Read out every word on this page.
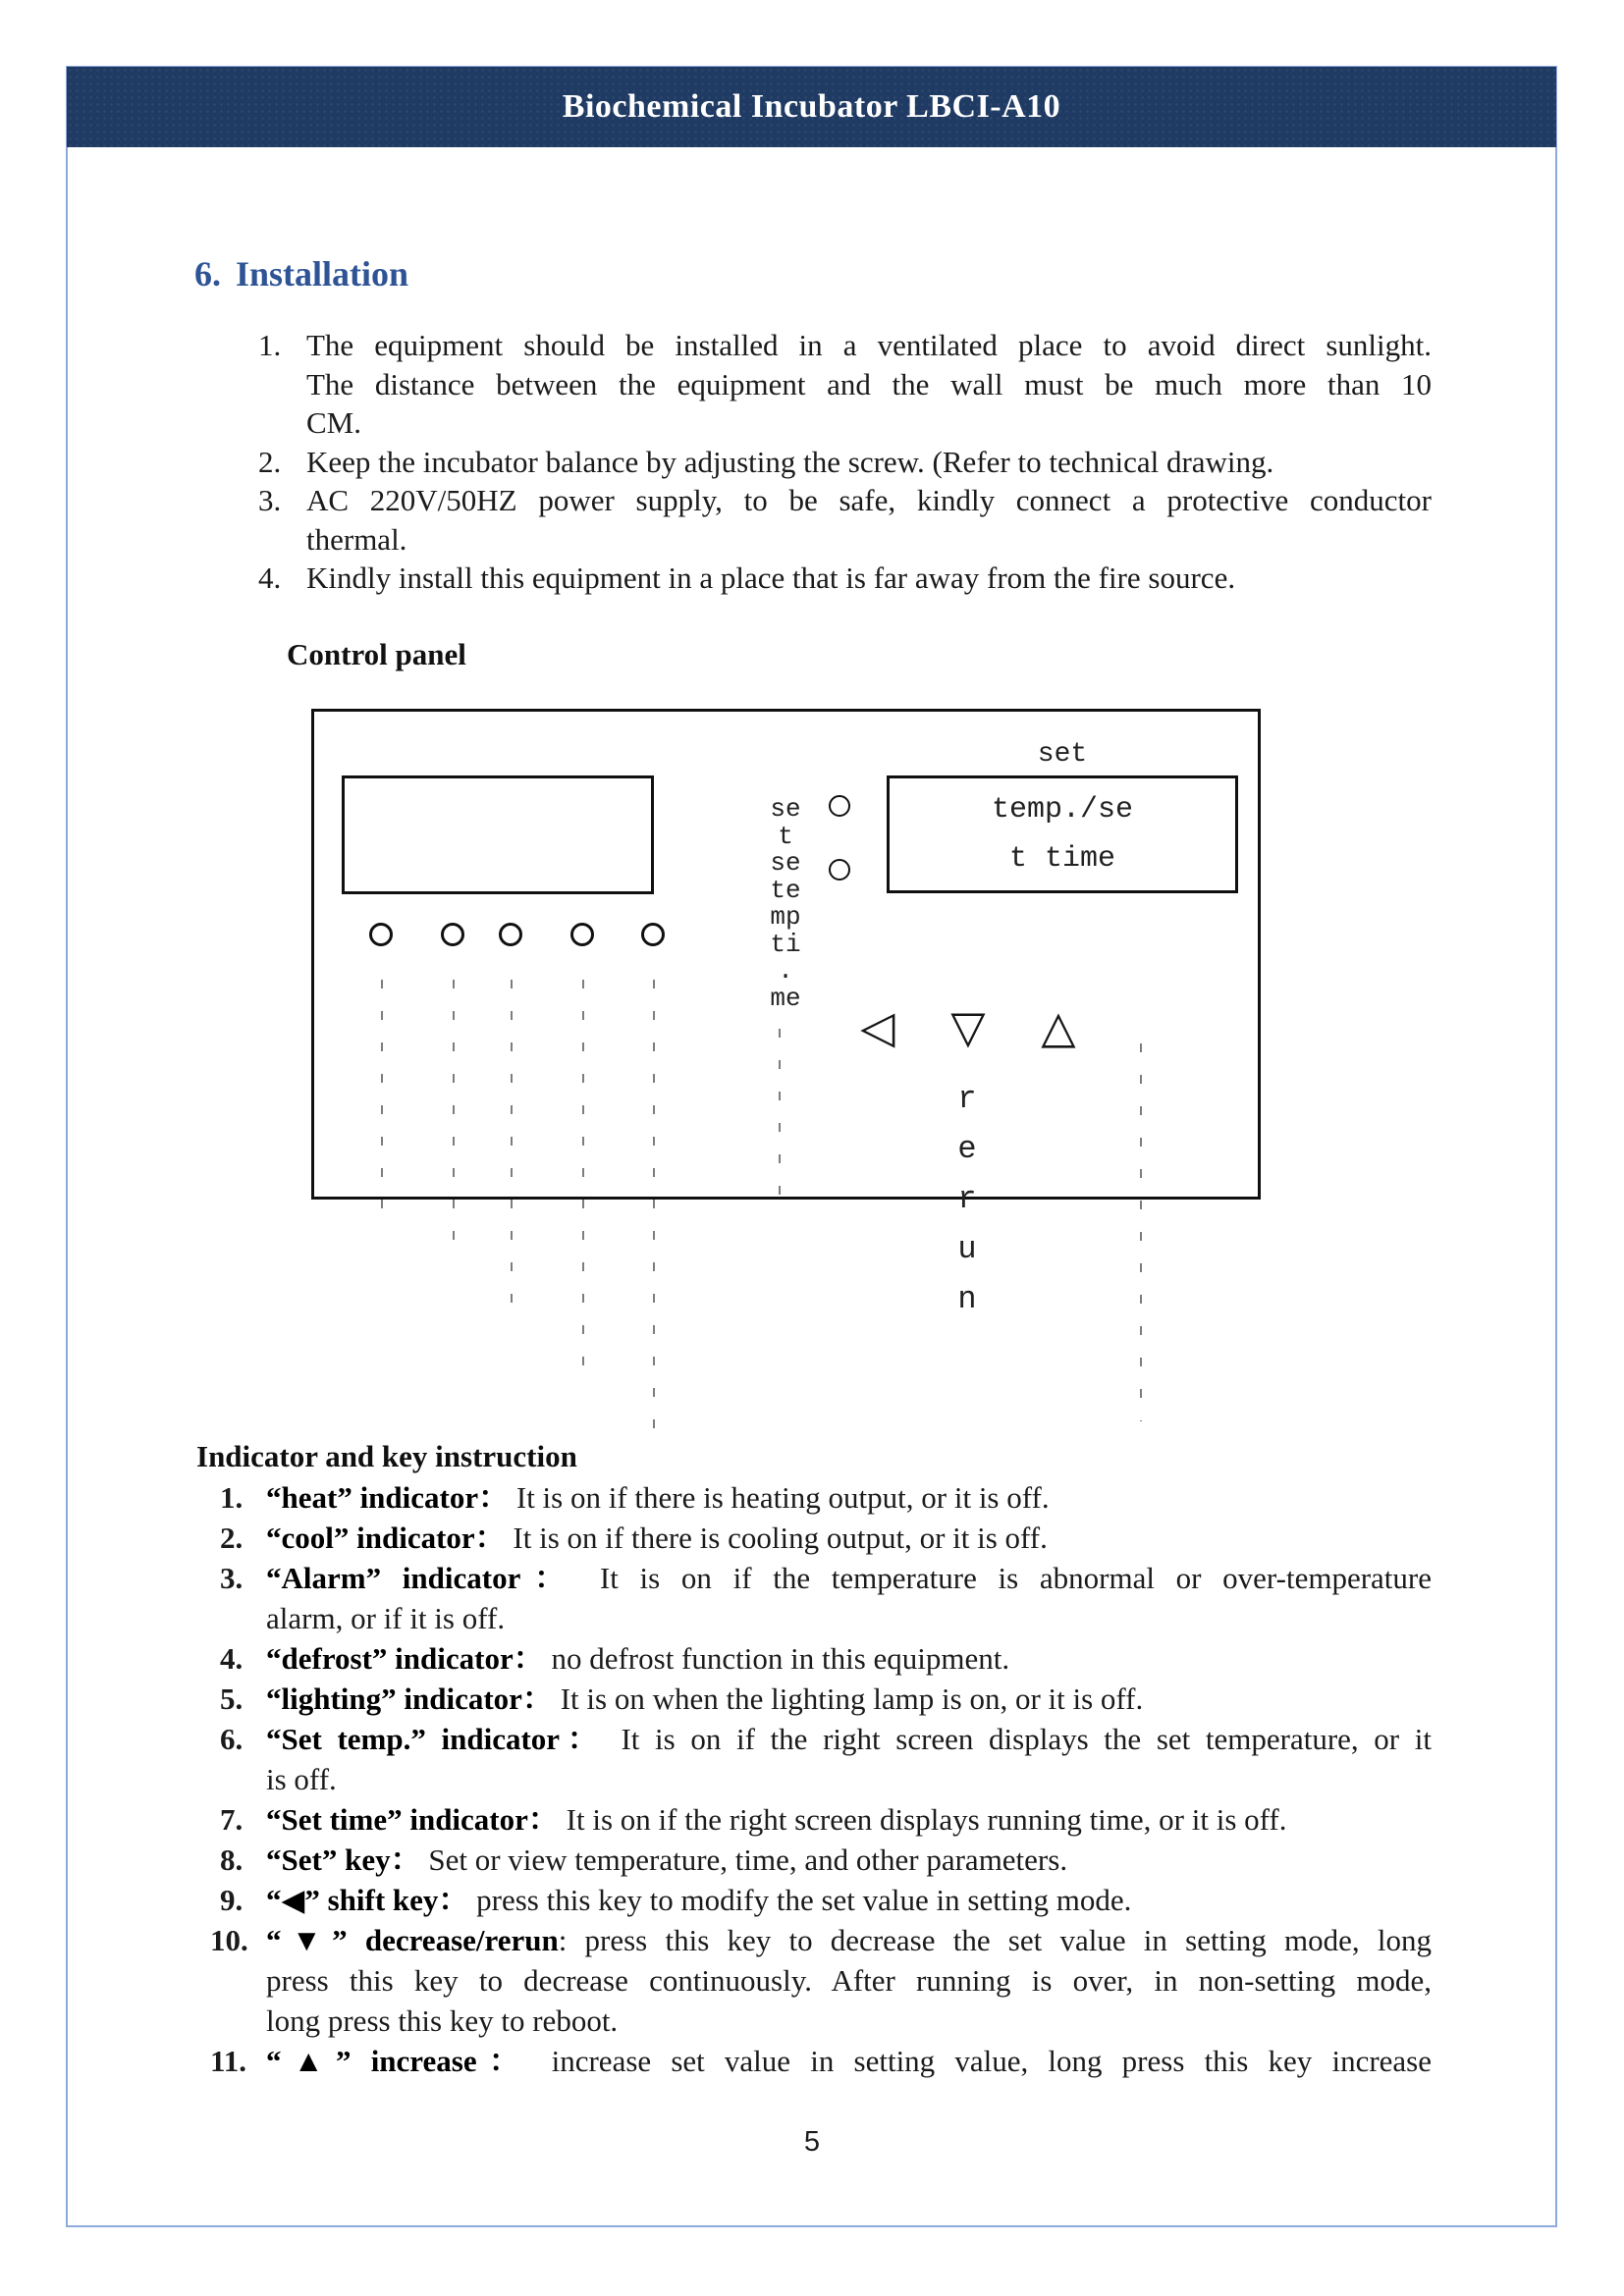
Biochemical Incubator LBCI-A10
6. Installation
1. The equipment should be installed in a ventilated place to avoid direct sunlight.
The distance between the equipment and the wall must be much more than 10
CM.
2. Keep the incubator balance by adjusting the screw. (Refer to technical drawing.
3. AC 220V/50HZ power supply, to be safe, kindly connect a protective conductor
thermal.
4. Kindly install this equipment in a place that is far away from the fire source.
Control panel
set
temp./se
t time
se
t
se
te
mp
ti
.
me
◁ ▽ △
r
e
r
u
n
Indicator and key instruction
1. “heat” indicator： It is on if there is heating output, or it is off.
2. “cool” indicator： It is on if there is cooling output, or it is off.
3. “Alarm” indicator： It is on if the temperature is abnormal or over-temperature
alarm, or if it is off.
4. “defrost” indicator： no defrost function in this equipment.
5. “lighting” indicator： It is on when the lighting lamp is on, or it is off.
6. “Set temp.” indicator： It is on if the right screen displays the set temperature, or it
is off.
7. “Set time” indicator： It is on if the right screen displays running time, or it is off.
8. “Set” key： Set or view temperature, time, and other parameters.
9. “◀” shift key： press this key to modify the set value in setting mode.
10. “▼” decrease/rerun: press this key to decrease the set value in setting mode, long
press this key to decrease continuously. After running is over, in non-setting mode,
long press this key to reboot.
11. “▲” increase： increase set value in setting value, long press this key increase
5
